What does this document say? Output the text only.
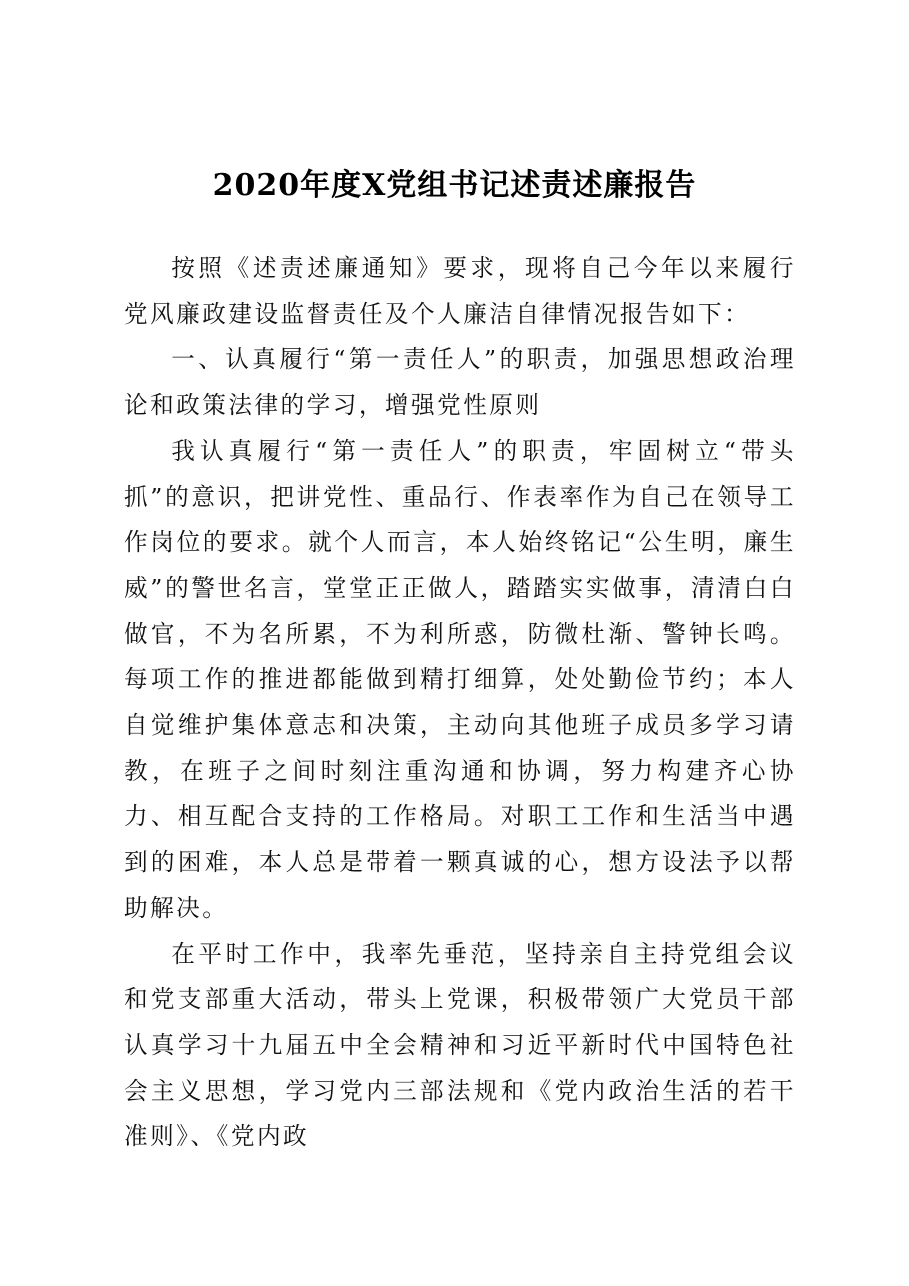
2020年度X党组书记述责述廉报告

按照《述责述廉通知》要求，现将自己今年以来履行党风廉政建设监督责任及个人廉洁自律情况报告如下：

一、认真履行“第一责任人”的职责，加强思想政治理论和政策法律的学习，增强党性原则

我认真履行“第一责任人”的职责，牢固树立“带头抓”的意识，把讲党性、重品行、作表率作为自己在领导工作岗位的要求。就个人而言，本人始终铭记“公生明，廉生威”的警世名言，堂堂正正做人，踏踏实实做事，清清白白做官，不为名所累，不为利所惑，防微杜渐、警钟长鸣。每项工作的推进都能做到精打细算，处处勤俭节约；本人自觉维护集体意志和决策，主动向其他班子成员多学习请教，在班子之间时刻注重沟通和协调，努力构建齐心协力、相互配合支持的工作格局。对职工工作和生活当中遇到的困难，本人总是带着一颗真诚的心，想方设法予以帮助解决。

在平时工作中，我率先垂范，坚持亲自主持党组会议和党支部重大活动，带头上党课，积极带领广大党员干部认真学习十九届五中全会精神和习近平新时代中国特色社会主义思想，学习党内三部法规和《党内政治生活的若干准则》、《党内政
